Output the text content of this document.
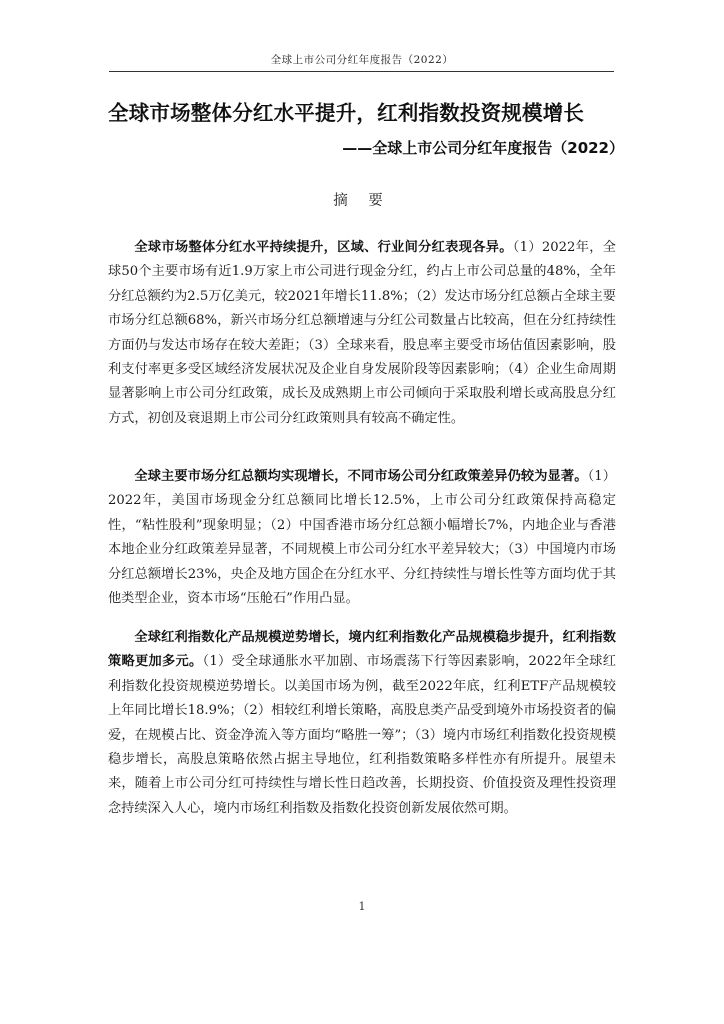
全球上市公司分红年度报告（2022）
全球市场整体分红水平提升，红利指数投资规模增长
——全球上市公司分红年度报告（2022）
摘 要

全球市场整体分红水平持续提升，区域、行业间分红表现各异。（1）2022年，全球50个主要市场有近1.9万家上市公司进行现金分红，约占上市公司总量的48%，全年分红总额约为2.5万亿美元，较2021年增长11.8%；（2）发达市场分红总额占全球主要市场分红总额68%，新兴市场分红总额增速与分红公司数量占比较高，但在分红持续性方面仍与发达市场存在较大差距；（3）全球来看，股息率主要受市场估值因素影响，股利支付率更多受区域经济发展状况及企业自身发展阶段等因素影响；（4）企业生命周期显著影响上市公司分红政策，成长及成熟期上市公司倾向于采取股利增长或高股息分红方式，初创及衰退期上市公司分红政策则具有较高不确定性。

全球主要市场分红总额均实现增长，不同市场公司分红政策差异仍较为显著。（1）2022年，美国市场现金分红总额同比增长12.5%，上市公司分红政策保持高稳定性，“粘性股利”现象明显；（2）中国香港市场分红总额小幅增长7%，内地企业与香港本地企业分红政策差异显著，不同规模上市公司分红水平差异较大；（3）中国境内市场分红总额增长23%，央企及地方国企在分红水平、分红持续性与增长性等方面均优于其他类型企业，资本市场“压舱石”作用凸显。

全球红利指数化产品规模逆势增长，境内红利指数化产品规模稳步提升，红利指数策略更加多元。（1）受全球通胀水平加剧、市场震荡下行等因素影响，2022年全球红利指数化投资规模逆势增长。以美国市场为例，截至2022年底，红利ETF产品规模较上年同比增长18.9%；（2）相较红利增长策略，高股息类产品受到境外市场投资者的偏爱，在规模占比、资金净流入等方面均“略胜一筹”；（3）境内市场红利指数化投资规模稳步增长，高股息策略依然占据主导地位，红利指数策略多样性亦有所提升。展望未来，随着上市公司分红可持续性与增长性日趋改善，长期投资、价值投资及理性投资理念持续深入人心，境内市场红利指数及指数化投资创新发展依然可期。

1
